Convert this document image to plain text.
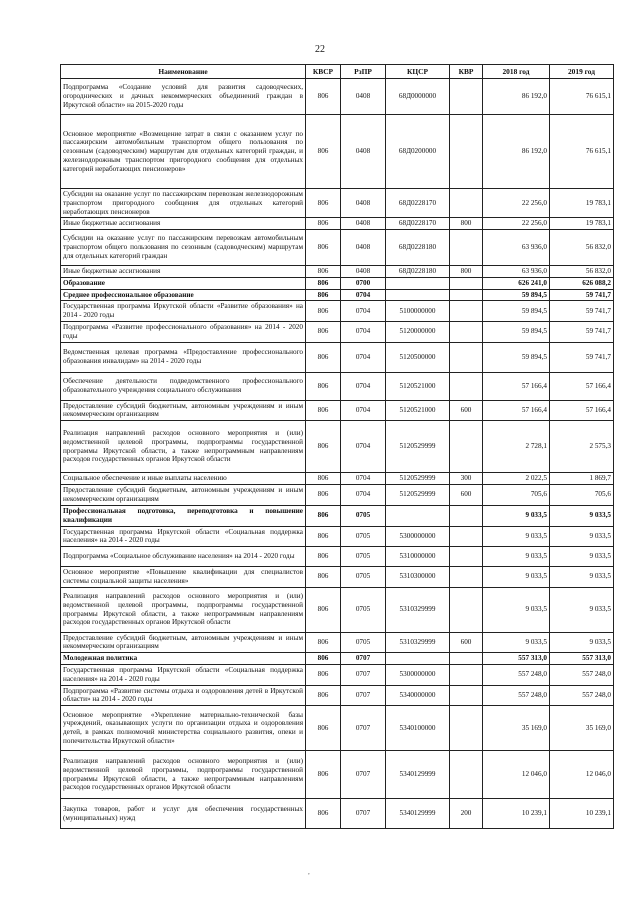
22
Наименование	КВСР	РзПР	КЦСР	КВР	2018 год	2019 год
Подпрограмма «Создание условий для развития садоводческих, огороднических и дачных некоммерческих объединений граждан в Иркутской области» на 2015-2020 годы	806	0408	68Д0000000		86 192,0	76 615,1
Основное мероприятие «Возмещение затрат в связи с оказанием услуг по пассажирским автомобильным транспортом общего пользования по сезонным (садоводческим) маршрутам для отдельных категорий граждан, и железнодорожным транспортом пригородного сообщения для отдельных категорий неработающих пенсионеров»	806	0408	68Д0200000		86 192,0	76 615,1
Субсидии на оказание услуг по пассажирским перевозкам железнодорожным транспортом пригородного сообщения для отдельных категорий неработающих пенсионеров	806	0408	68Д0228170		22 256,0	19 783,1
Иные бюджетные ассигнования	806	0408	68Д0228170	800	22 256,0	19 783,1
Субсидии на оказание услуг по пассажирским перевозкам автомобильным транспортом общего пользования по сезонным (садоводческим) маршрутам для отдельных категорий граждан	806	0408	68Д0228180		63 936,0	56 832,0
Иные бюджетные ассигнования	806	0408	68Д0228180	800	63 936,0	56 832,0
Образование	806	0700			626 241,0	626 088,2
Среднее профессиональное образование	806	0704			59 894,5	59 741,7
Государственная программа Иркутской области «Развитие образования» на 2014 - 2020 годы	806	0704	5100000000		59 894,5	59 741,7
Подпрограмма «Развитие профессионального образования» на 2014 - 2020 годы	806	0704	5120000000		59 894,5	59 741,7
Ведомственная целевая программа «Предоставление профессионального образования инвалидам» на 2014 - 2020 годы	806	0704	5120500000		59 894,5	59 741,7
Обеспечение деятельности подведомственного профессионального образовательного учреждения социального обслуживания	806	0704	5120521000		57 166,4	57 166,4
Предоставление субсидий бюджетным, автономным учреждениям и иным некоммерческим организациям	806	0704	5120521000	600	57 166,4	57 166,4
Реализация направлений расходов основного мероприятия и (или) ведомственной целевой программы, подпрограммы государственной программы Иркутской области, а также непрограммным направлениям расходов государственных органов Иркутской области	806	0704	5120529999		2 728,1	2 575,3
Социальное обеспечение и иные выплаты населению	806	0704	5120529999	300	2 022,5	1 869,7
Предоставление субсидий бюджетным, автономным учреждениям и иным некоммерческим организациям	806	0704	5120529999	600	705,6	705,6
Профессиональная подготовка, переподготовка и повышение квалификации	806	0705			9 033,5	9 033,5
Государственная программа Иркутской области «Социальная поддержка населения» на 2014 - 2020 годы	806	0705	5300000000		9 033,5	9 033,5
Подпрограмма «Социальное обслуживание населения» на 2014 - 2020 годы	806	0705	5310000000		9 033,5	9 033,5
Основное мероприятие «Повышение квалификации для специалистов системы социальной защиты населения»	806	0705	5310300000		9 033,5	9 033,5
Реализация направлений расходов основного мероприятия и (или) ведомственной целевой программы, подпрограммы государственной программы Иркутской области, а также непрограммным направлениям расходов государственных органов Иркутской области	806	0705	5310329999		9 033,5	9 033,5
Предоставление субсидий бюджетным, автономным учреждениям и иным некоммерческим организациям	806	0705	5310329999	600	9 033,5	9 033,5
Молодежная политика	806	0707			557 313,0	557 313,0
Государственная программа Иркутской области «Социальная поддержка населения» на 2014 - 2020 годы	806	0707	5300000000		557 248,0	557 248,0
Подпрограмма «Развитие системы отдыха и оздоровления детей в Иркутской области» на 2014 - 2020 годы	806	0707	5340000000		557 248,0	557 248,0
Основное мероприятие «Укрепление материально-технической базы учреждений, оказывающих услуги по организации отдыха и оздоровления детей, в рамках полномочий министерства социального развития, опеки и попечительства Иркутской области»	806	0707	5340100000		35 169,0	35 169,0
Реализация направлений расходов основного мероприятия и (или) ведомственной целевой программы, подпрограммы государственной программы Иркутской области, а также непрограммным направлениям расходов государственных органов Иркутской области	806	0707	5340129999		12 046,0	12 046,0
Закупка товаров, работ и услуг для обеспечения государственных (муниципальных) нужд	806	0707	5340129999	200	10 239,1	10 239,1
,
